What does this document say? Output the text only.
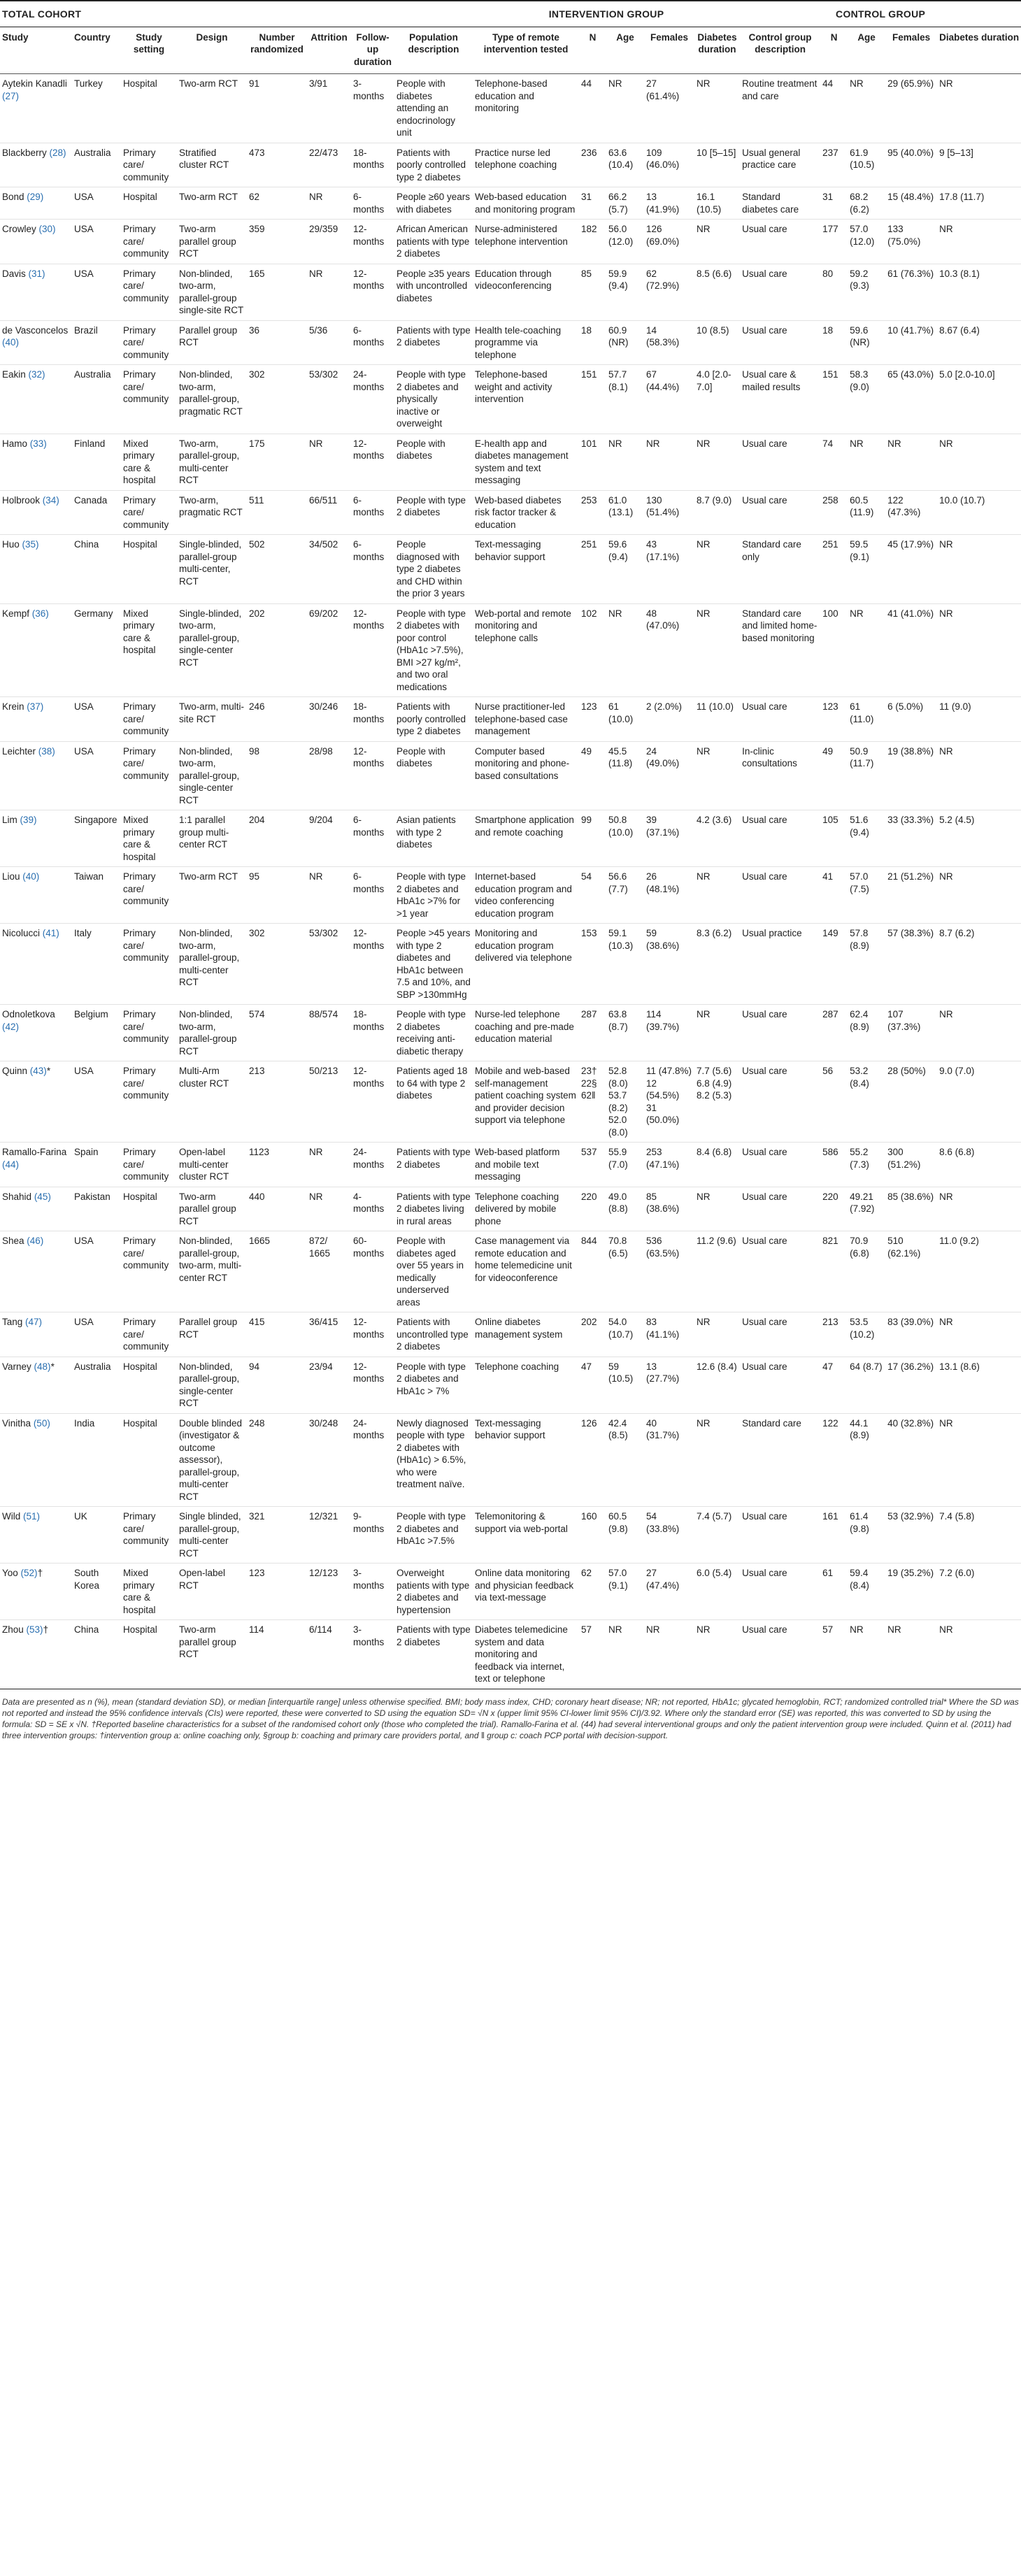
TOTAL COHORT								INTERVENTION GROUP					CONTROL GROUP				
Study	Country	Study setting	Design	Number randomized	Attrition	Follow-up duration	Population description	Type of remote intervention tested	N	Age	Females	Diabetes duration	Control group description	N	Age	Females	Diabetes duration
Aytekin Kanadli (27)	Turkey	Hospital	Two-arm RCT	91	3/91	3-months	People with diabetes attending an endocrinology unit	Telephone-based education and monitoring	44	NR	27 (61.4%)	NR	Routine treatment and care	44	NR	29 (65.9%)	NR
Blackberry (28)	Australia	Primary care/ community	Stratified cluster RCT	473	22/473	18-months	Patients with poorly controlled type 2 diabetes	Practice nurse led telephone coaching	236	63.6 (10.4)	109 (46.0%)	10 [5–15]	Usual general practice care	237	61.9 (10.5)	95 (40.0%)	9 [5–13]
Bond (29)	USA	Hospital	Two-arm RCT	62	NR	6-months	People ≥60 years with diabetes	Web-based education and monitoring program	31	66.2 (5.7)	13 (41.9%)	16.1 (10.5)	Standard diabetes care	31	68.2 (6.2)	15 (48.4%)	17.8 (11.7)
Crowley (30)	USA	Primary care/ community	Two-arm parallel group RCT	359	29/359	12-months	African American patients with type 2 diabetes	Nurse-administered telephone intervention	182	56.0 (12.0)	126 (69.0%)	NR	Usual care	177	57.0 (12.0)	133 (75.0%)	NR
Davis (31)	USA	Primary care/ community	Non-blinded, two-arm, parallel-group single-site RCT	165	NR	12-months	People ≥35 years with uncontrolled diabetes	Education through videoconferencing	85	59.9 (9.4)	62 (72.9%)	8.5 (6.6)	Usual care	80	59.2 (9.3)	61 (76.3%)	10.3 (8.1)
de Vasconcelos (40)	Brazil	Primary care/ community	Parallel group RCT	36	5/36	6-months	Patients with type 2 diabetes	Health tele-coaching programme via telephone	18	60.9 (NR)	14 (58.3%)	10 (8.5)	Usual care	18	59.6 (NR)	10 (41.7%)	8.67 (6.4)
Eakin (32)	Australia	Primary care/ community	Non-blinded, two-arm, parallel-group, pragmatic RCT	302	53/302	24-months	People with type 2 diabetes and physically inactive or overweight	Telephone-based weight and activity intervention	151	57.7 (8.1)	67 (44.4%)	4.0 [2.0-7.0]	Usual care & mailed results	151	58.3 (9.0)	65 (43.0%)	5.0 [2.0-10.0]
Hamo (33)	Finland	Mixed primary care & hospital	Two-arm, parallel-group, multi-center RCT	175	NR	12-months	People with diabetes	E-health app and diabetes management system and text messaging	101	NR	NR	NR	Usual care	74	NR	NR	NR
Holbrook (34)	Canada	Primary care/ community	Two-arm, pragmatic RCT	511	66/511	6-months	People with type 2 diabetes	Web-based diabetes risk factor tracker & education	253	61.0 (13.1)	130 (51.4%)	8.7 (9.0)	Usual care	258	60.5 (11.9)	122 (47.3%)	10.0 (10.7)
Huo (35)	China	Hospital	Single-blinded, parallel-group multi-center, RCT	502	34/502	6-months	People diagnosed with type 2 diabetes and CHD within the prior 3 years	Text-messaging behavior support	251	59.6 (9.4)	43 (17.1%)	NR	Standard care only	251	59.5 (9.1)	45 (17.9%)	NR
Kempf (36)	Germany	Mixed primary care & hospital	Single-blinded, two-arm, parallel-group, single-center RCT	202	69/202	12-months	People with type 2 diabetes with poor control (HbA1c >7.5%), BMI >27 kg/m², and two oral medications	Web-portal and remote monitoring and telephone calls	102	NR	48 (47.0%)	NR	Standard care and limited home-based monitoring	100	NR	41 (41.0%)	NR
Krein (37)	USA	Primary care/ community	Two-arm, multi-site RCT	246	30/246	18-months	Patients with poorly controlled type 2 diabetes	Nurse practitioner-led telephone-based case management	123	61 (10.0)	2 (2.0%)	11 (10.0)	Usual care	123	61 (11.0)	6 (5.0%)	11 (9.0)
Leichter (38)	USA	Primary care/ community	Non-blinded, two-arm, parallel-group, single-center RCT	98	28/98	12-months	People with diabetes	Computer based monitoring and phone-based consultations	49	45.5 (11.8)	24 (49.0%)	NR	In-clinic consultations	49	50.9 (11.7)	19 (38.8%)	NR
Lim (39)	Singapore	Mixed primary care & hospital	1:1 parallel group multi-center RCT	204	9/204	6-months	Asian patients with type 2 diabetes	Smartphone application and remote coaching	99	50.8 (10.0)	39 (37.1%)	4.2 (3.6)	Usual care	105	51.6 (9.4)	33 (33.3%)	5.2 (4.5)
Liou (40)	Taiwan	Primary care/ community	Two-arm RCT	95	NR	6-months	People with type 2 diabetes and HbA1c >7% for >1 year	Internet-based education program and video conferencing education program	54	56.6 (7.7)	26 (48.1%)	NR	Usual care	41	57.0 (7.5)	21 (51.2%)	NR
Nicolucci (41)	Italy	Primary care/ community	Non-blinded, two-arm, parallel-group, multi-center RCT	302	53/302	12-months	People >45 years with type 2 diabetes and HbA1c between 7.5 and 10%, and SBP >130mmHg	Monitoring and education program delivered via telephone	153	59.1 (10.3)	59 (38.6%)	8.3 (6.2)	Usual practice	149	57.8 (8.9)	57 (38.3%)	8.7 (6.2)
Odnoletkova (42)	Belgium	Primary care/ community	Non-blinded, two-arm, parallel-group RCT	574	88/574	18-months	People with type 2 diabetes receiving anti-diabetic therapy	Nurse-led telephone coaching and pre-made education material	287	63.8 (8.7)	114 (39.7%)	NR	Usual care	287	62.4 (8.9)	107 (37.3%)	NR
Quinn (43)*	USA	Primary care/ community	Multi-Arm cluster RCT	213	50/213	12-months	Patients aged 18 to 64 with type 2 diabetes	Mobile and web-based self-management patient coaching system and provider decision support via telephone	23† 22§ 62‖	52.8 (8.0) 53.7 (8.2) 52.0 (8.0)	11 (47.8%) 12 (54.5%) 31 (50.0%)	7.7 (5.6) 6.8 (4.9) 8.2 (5.3)	Usual care	56	53.2 (8.4)	28 (50%)	9.0 (7.0)
Ramallo-Farina (44)	Spain	Primary care/ community	Open-label multi-center cluster RCT	1123	NR	24-months	Patients with type 2 diabetes	Web-based platform and mobile text messaging	537	55.9 (7.0)	253 (47.1%)	8.4 (6.8)	Usual care	586	55.2 (7.3)	300 (51.2%)	8.6 (6.8)
Shahid (45)	Pakistan	Hospital	Two-arm parallel group RCT	440	NR	4-months	Patients with type 2 diabetes living in rural areas	Telephone coaching delivered by mobile phone	220	49.0 (8.8)	85 (38.6%)	NR	Usual care	220	49.21 (7.92)	85 (38.6%)	NR
Shea (46)	USA	Primary care/ community	Non-blinded, parallel-group, two-arm, multi-center RCT	1665	872/ 1665	60-months	People with diabetes aged over 55 years in medically underserved areas	Case management via remote education and home telemedicine unit for videoconference	844	70.8 (6.5)	536 (63.5%)	11.2 (9.6)	Usual care	821	70.9 (6.8)	510 (62.1%)	11.0 (9.2)
Tang (47)	USA	Primary care/ community	Parallel group RCT	415	36/415	12-months	Patients with uncontrolled type 2 diabetes	Online diabetes management system	202	54.0 (10.7)	83 (41.1%)	NR	Usual care	213	53.5 (10.2)	83 (39.0%)	NR
Varney (48)*	Australia	Hospital	Non-blinded, parallel-group, single-center RCT	94	23/94	12-months	People with type 2 diabetes and HbA1c > 7%	Telephone coaching	47	59 (10.5)	13 (27.7%)	12.6 (8.4)	Usual care	47	64 (8.7)	17 (36.2%)	13.1 (8.6)
Vinitha (50)	India	Hospital	Double blinded (investigator & outcome assessor), parallel-group, multi-center RCT	248	30/248	24-months	Newly diagnosed people with type 2 diabetes with (HbA1c) > 6.5%, who were treatment naïve.	Text-messaging behavior support	126	42.4 (8.5)	40 (31.7%)	NR	Standard care	122	44.1 (8.9)	40 (32.8%)	NR
Wild (51)	UK	Primary care/ community	Single blinded, parallel-group, multi-center RCT	321	12/321	9-months	People with type 2 diabetes and HbA1c >7.5%	Telemonitoring & support via web-portal	160	60.5 (9.8)	54 (33.8%)	7.4 (5.7)	Usual care	161	61.4 (9.8)	53 (32.9%)	7.4 (5.8)
Yoo (52)†	South Korea	Mixed primary care & hospital	Open-label RCT	123	12/123	3-months	Overweight patients with type 2 diabetes and hypertension	Online data monitoring and physician feedback via text-message	62	57.0 (9.1)	27 (47.4%)	6.0 (5.4)	Usual care	61	59.4 (8.4)	19 (35.2%)	7.2 (6.0)
Zhou (53)†	China	Hospital	Two-arm parallel group RCT	114	6/114	3-months	Patients with type 2 diabetes	Diabetes telemedicine system and data monitoring and feedback via internet, text or telephone	57	NR	NR	NR	Usual care	57	NR	NR	NR
Data are presented as n (%), mean (standard deviation SD), or median [interquartile range] unless otherwise specified. BMI; body mass index, CHD; coronary heart disease; NR; not reported, HbA1c; glycated hemoglobin, RCT; randomized controlled trial* Where the SD was not reported and instead the 95% confidence intervals (CIs) were reported, these were converted to SD using the equation SD= √N x (upper limit 95% CI-lower limit 95% CI)/3.92. Where only the standard error (SE) was reported, this was converted to SD by using the formula: SD = SE x √N. †Reported baseline characteristics for a subset of the randomised cohort only (those who completed the trial). Ramallo-Farina et al. (44) had several interventional groups and only the patient intervention group were included. Quinn et al. (2011) had three intervention groups: †intervention group a: online coaching only, §group b: coaching and primary care providers portal, and ‖ group c: coach PCP portal with decision-support.
